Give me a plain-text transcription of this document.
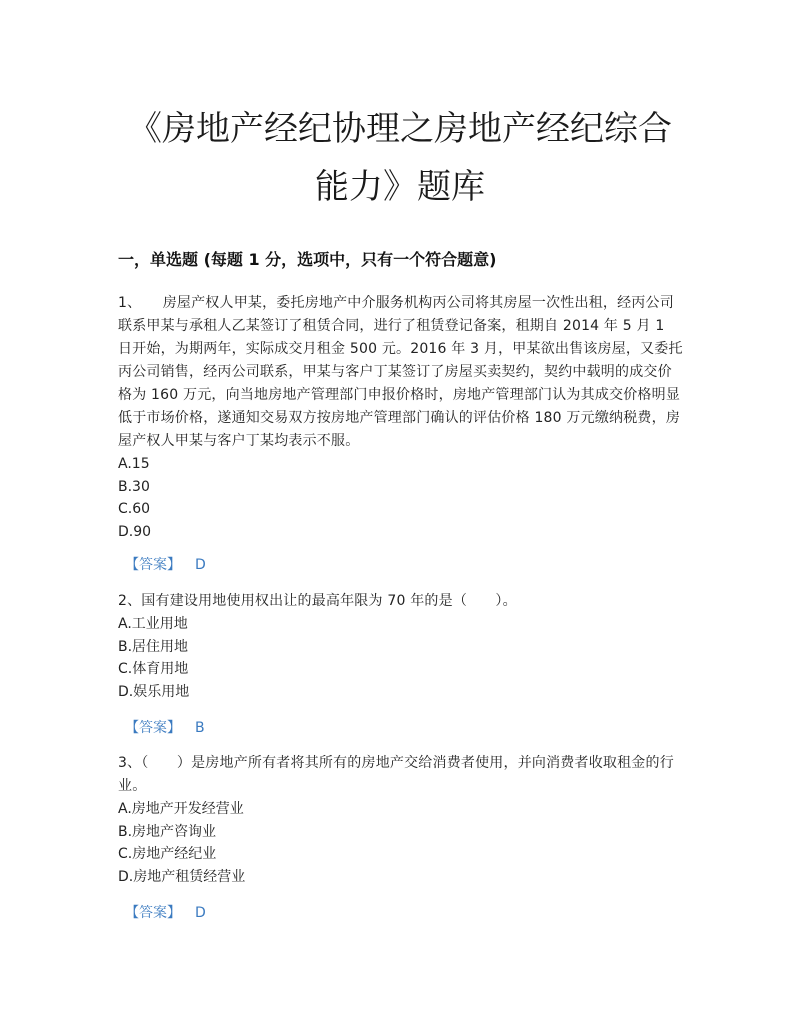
《房地产经纪协理之房地产经纪综合
能力》题库
一，单选题 (每题 1 分，选项中，只有一个符合题意)

1、　　房屋产权人甲某，委托房地产中介服务机构丙公司将其房屋一次性出租，经丙公司联系甲某与承租人乙某签订了租赁合同，进行了租赁登记备案，租期自 2014 年 5 月 1 日开始，为期两年，实际成交月租金 500 元。2016 年 3 月，甲某欲出售该房屋，又委托丙公司销售，经丙公司联系，甲某与客户丁某签订了房屋买卖契约，契约中载明的成交价格为 160 万元，向当地房地产管理部门申报价格时，房地产管理部门认为其成交价格明显低于市场价格，遂通知交易双方按房地产管理部门确认的评估价格 180 万元缴纳税费，房屋产权人甲某与客户丁某均表示不服。

A.15
B.30
C.60
D.90
【答案】 D

2、国有建设用地使用权出让的最高年限为 70 年的是（　　）。

A.工业用地
B.居住用地
C.体育用地
D.娱乐用地
【答案】 B

3、（　　）是房地产所有者将其所有的房地产交给消费者使用，并向消费者收取租金的行业。

A.房地产开发经营业
B.房地产咨询业
C.房地产经纪业
D.房地产租赁经营业
【答案】 D
